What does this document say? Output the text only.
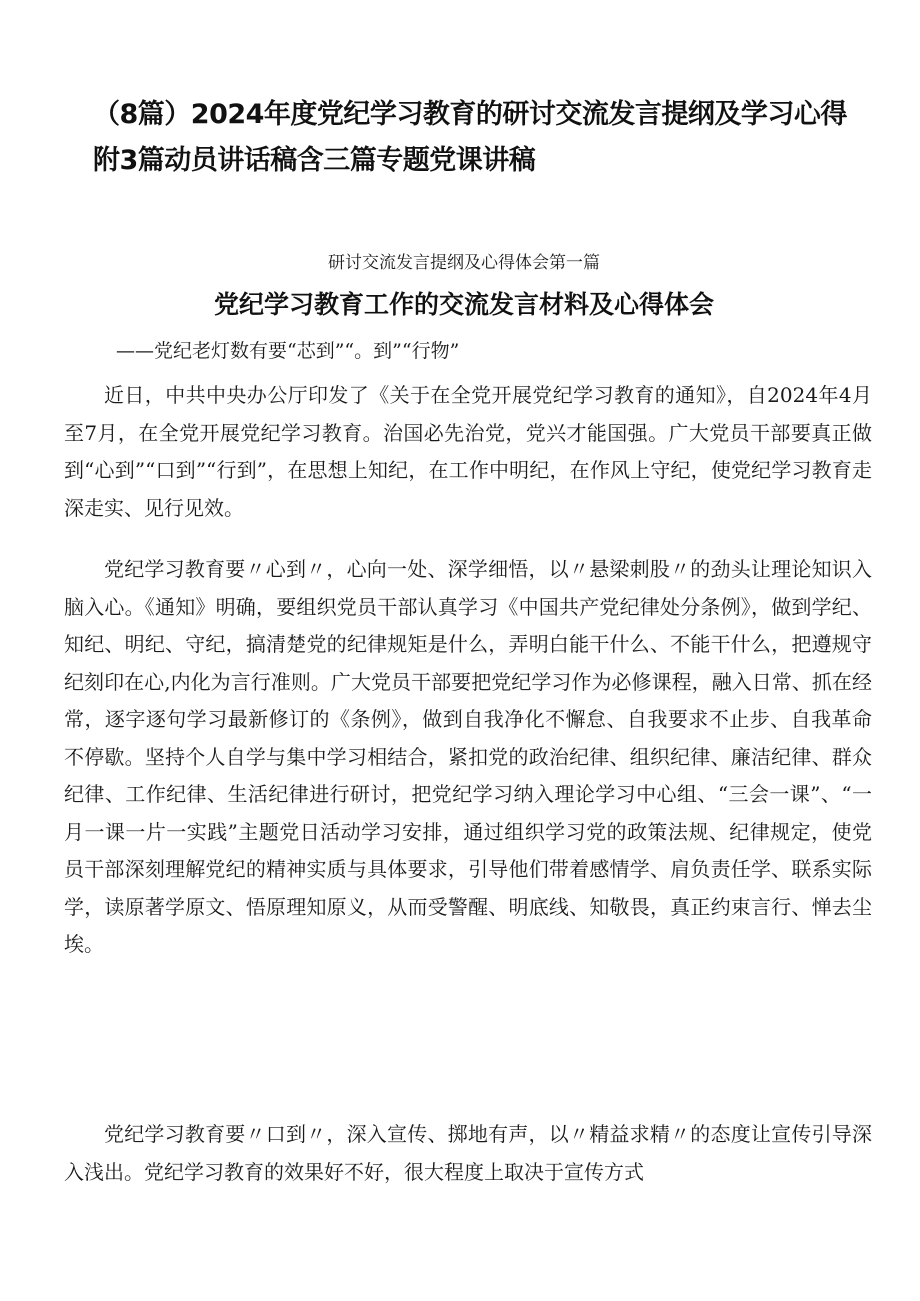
（8篇）2024年度党纪学习教育的研讨交流发言提纲及学习心得
附3篇动员讲话稿含三篇专题党课讲稿
研讨交流发言提纲及心得体会第一篇
党纪学习教育工作的交流发言材料及心得体会
——党纪老灯数有要“芯到”“。到”“行物”

近日，中共中央办公厅印发了《关于在全党开展党纪学习教育的通知》，自2024年4月至7月，在全党开展党纪学习教育。治国必先治党，党兴才能国强。广大党员干部要真正做到“心到”“口到”“行到”，在思想上知纪，在工作中明纪，在作风上守纪，使党纪学习教育走深走实、见行见效。

党纪学习教育要〃心到〃，心向一处、深学细悟，以〃悬梁刺股〃的劲头让理论知识入脑入心。《通知》明确，要组织党员干部认真学习《中国共产党纪律处分条例》，做到学纪、知纪、明纪、守纪，搞清楚党的纪律规矩是什么，弄明白能干什么、不能干什么，把遵规守纪刻印在心,内化为言行准则。广大党员干部要把党纪学习作为必修课程，融入日常、抓在经常，逐字逐句学习最新修订的《条例》，做到自我净化不懈怠、自我要求不止步、自我革命不停歇。坚持个人自学与集中学习相结合，紧扣党的政治纪律、组织纪律、廉洁纪律、群众纪律、工作纪律、生活纪律进行研讨，把党纪学习纳入理论学习中心组、“三会一课”、“一月一课一片一实践”主题党日活动学习安排，通过组织学习党的政策法规、纪律规定，使党员干部深刻理解党纪的精神实质与具体要求，引导他们带着感情学、肩负责任学、联系实际学，读原著学原文、悟原理知原义，从而受警醒、明底线、知敬畏，真正约束言行、惮去尘埃。

党纪学习教育要〃口到〃，深入宣传、掷地有声，以〃精益求精〃的态度让宣传引导深入浅出。党纪学习教育的效果好不好，很大程度上取决于宣传方式
